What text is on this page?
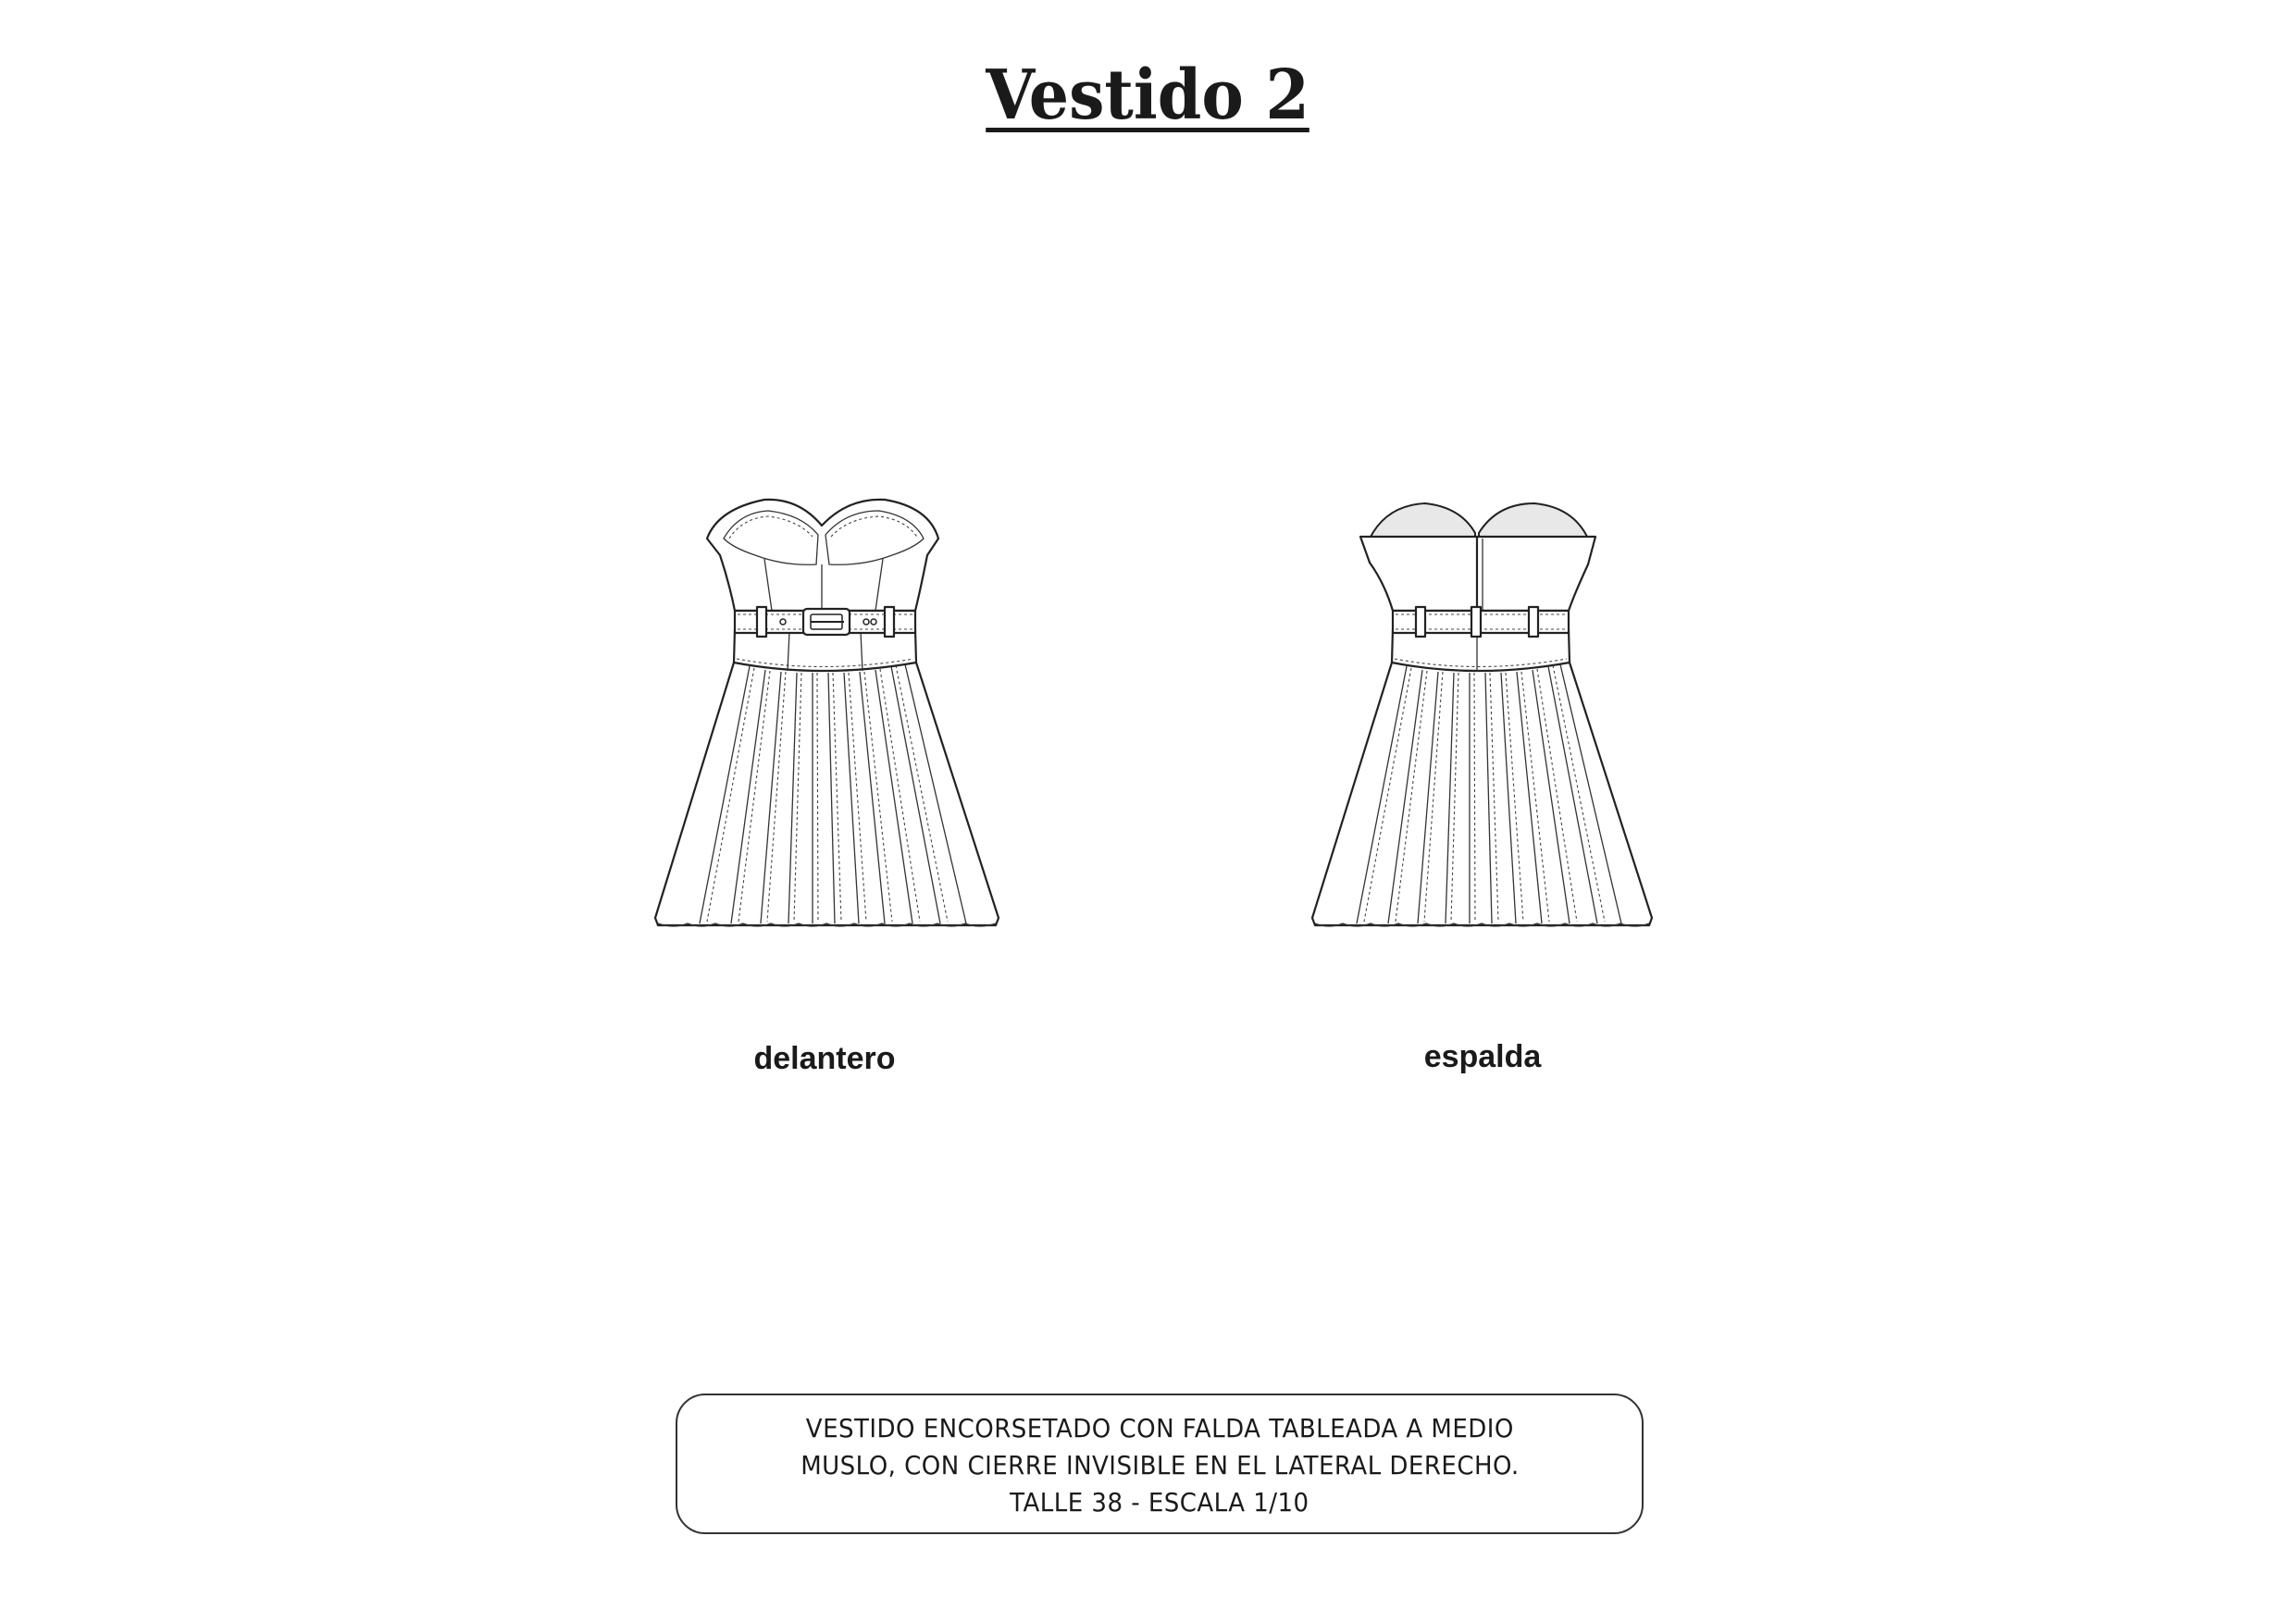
Vestido 2
delantero	espalda
VESTIDO ENCORSETADO CON FALDA TABLEADA A MEDIO
MUSLO, CON CIERRE INVISIBLE EN EL LATERAL DERECHO.
TALLE 38 - ESCALA 1/10
